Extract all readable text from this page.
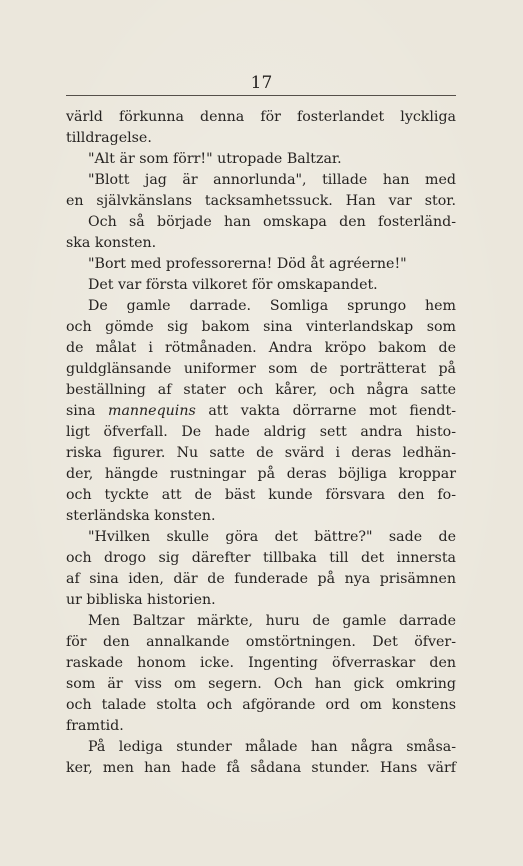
17
värld förkunna denna för fosterlandet lyckliga
tilldragelse.
"Alt är som förr!" utropade Baltzar.
"Blott jag är annorlunda", tillade han med
en självkänslans tacksamhetssuck. Han var stor.
Och så började han omskapa den fosterländ-
ska konsten.
"Bort med professorerna! Död åt agréerne!"
Det var första vilkoret för omskapandet.
De gamle darrade. Somliga sprungo hem
och gömde sig bakom sina vinterlandskap som
de målat i rötmånaden. Andra kröpo bakom de
guldglänsande uniformer som de porträtterat på
beställning af stater och kårer, och några satte
sina mannequins att vakta dörrarne mot fiendt-
ligt öfverfall. De hade aldrig sett andra histo-
riska figurer. Nu satte de svärd i deras ledhän-
der, hängde rustningar på deras böjliga kroppar
och tyckte att de bäst kunde försvara den fo-
sterländska konsten.
"Hvilken skulle göra det bättre?" sade de
och drogo sig därefter tillbaka till det innersta
af sina iden, där de funderade på nya prisämnen
ur bibliska historien.
Men Baltzar märkte, huru de gamle darrade
för den annalkande omstörtningen. Det öfver-
raskade honom icke. Ingenting öfverraskar den
som är viss om segern. Och han gick omkring
och talade stolta och afgörande ord om konstens
framtid.
På lediga stunder målade han några småsa-
ker, men han hade få sådana stunder. Hans värf
